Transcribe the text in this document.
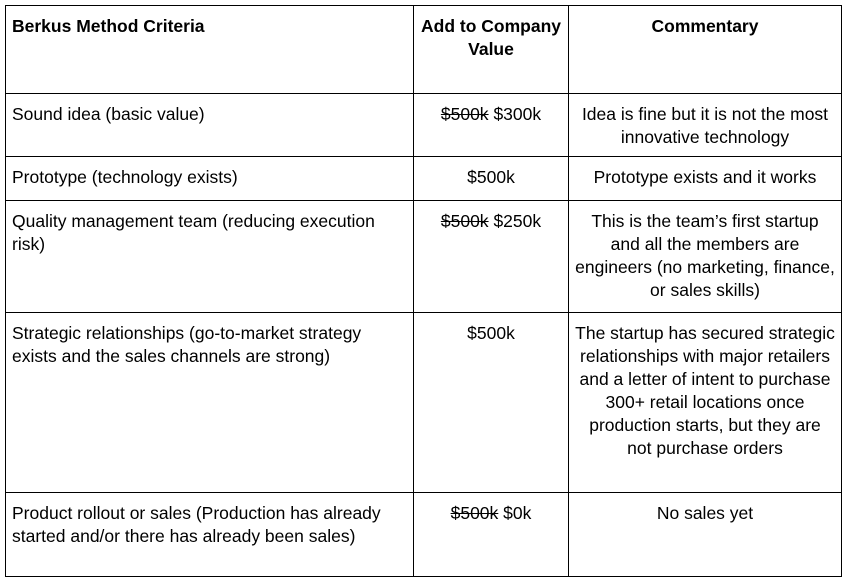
Berkus Method Criteria	Add to Company Value	Commentary
Sound idea (basic value)	$500k $300k	Idea is fine but it is not the most innovative technology
Prototype (technology exists)	$500k	Prototype exists and it works
Quality management team (reducing execution risk)	$500k $250k	This is the team’s first startup and all the members are engineers (no marketing, finance, or sales skills)
Strategic relationships (go-to-market strategy exists and the sales channels are strong)	$500k	The startup has secured strategic relationships with major retailers and a letter of intent to purchase 300+ retail locations once production starts, but they are not purchase orders
Product rollout or sales (Production has already started and/or there has already been sales)	$500k $0k	No sales yet
